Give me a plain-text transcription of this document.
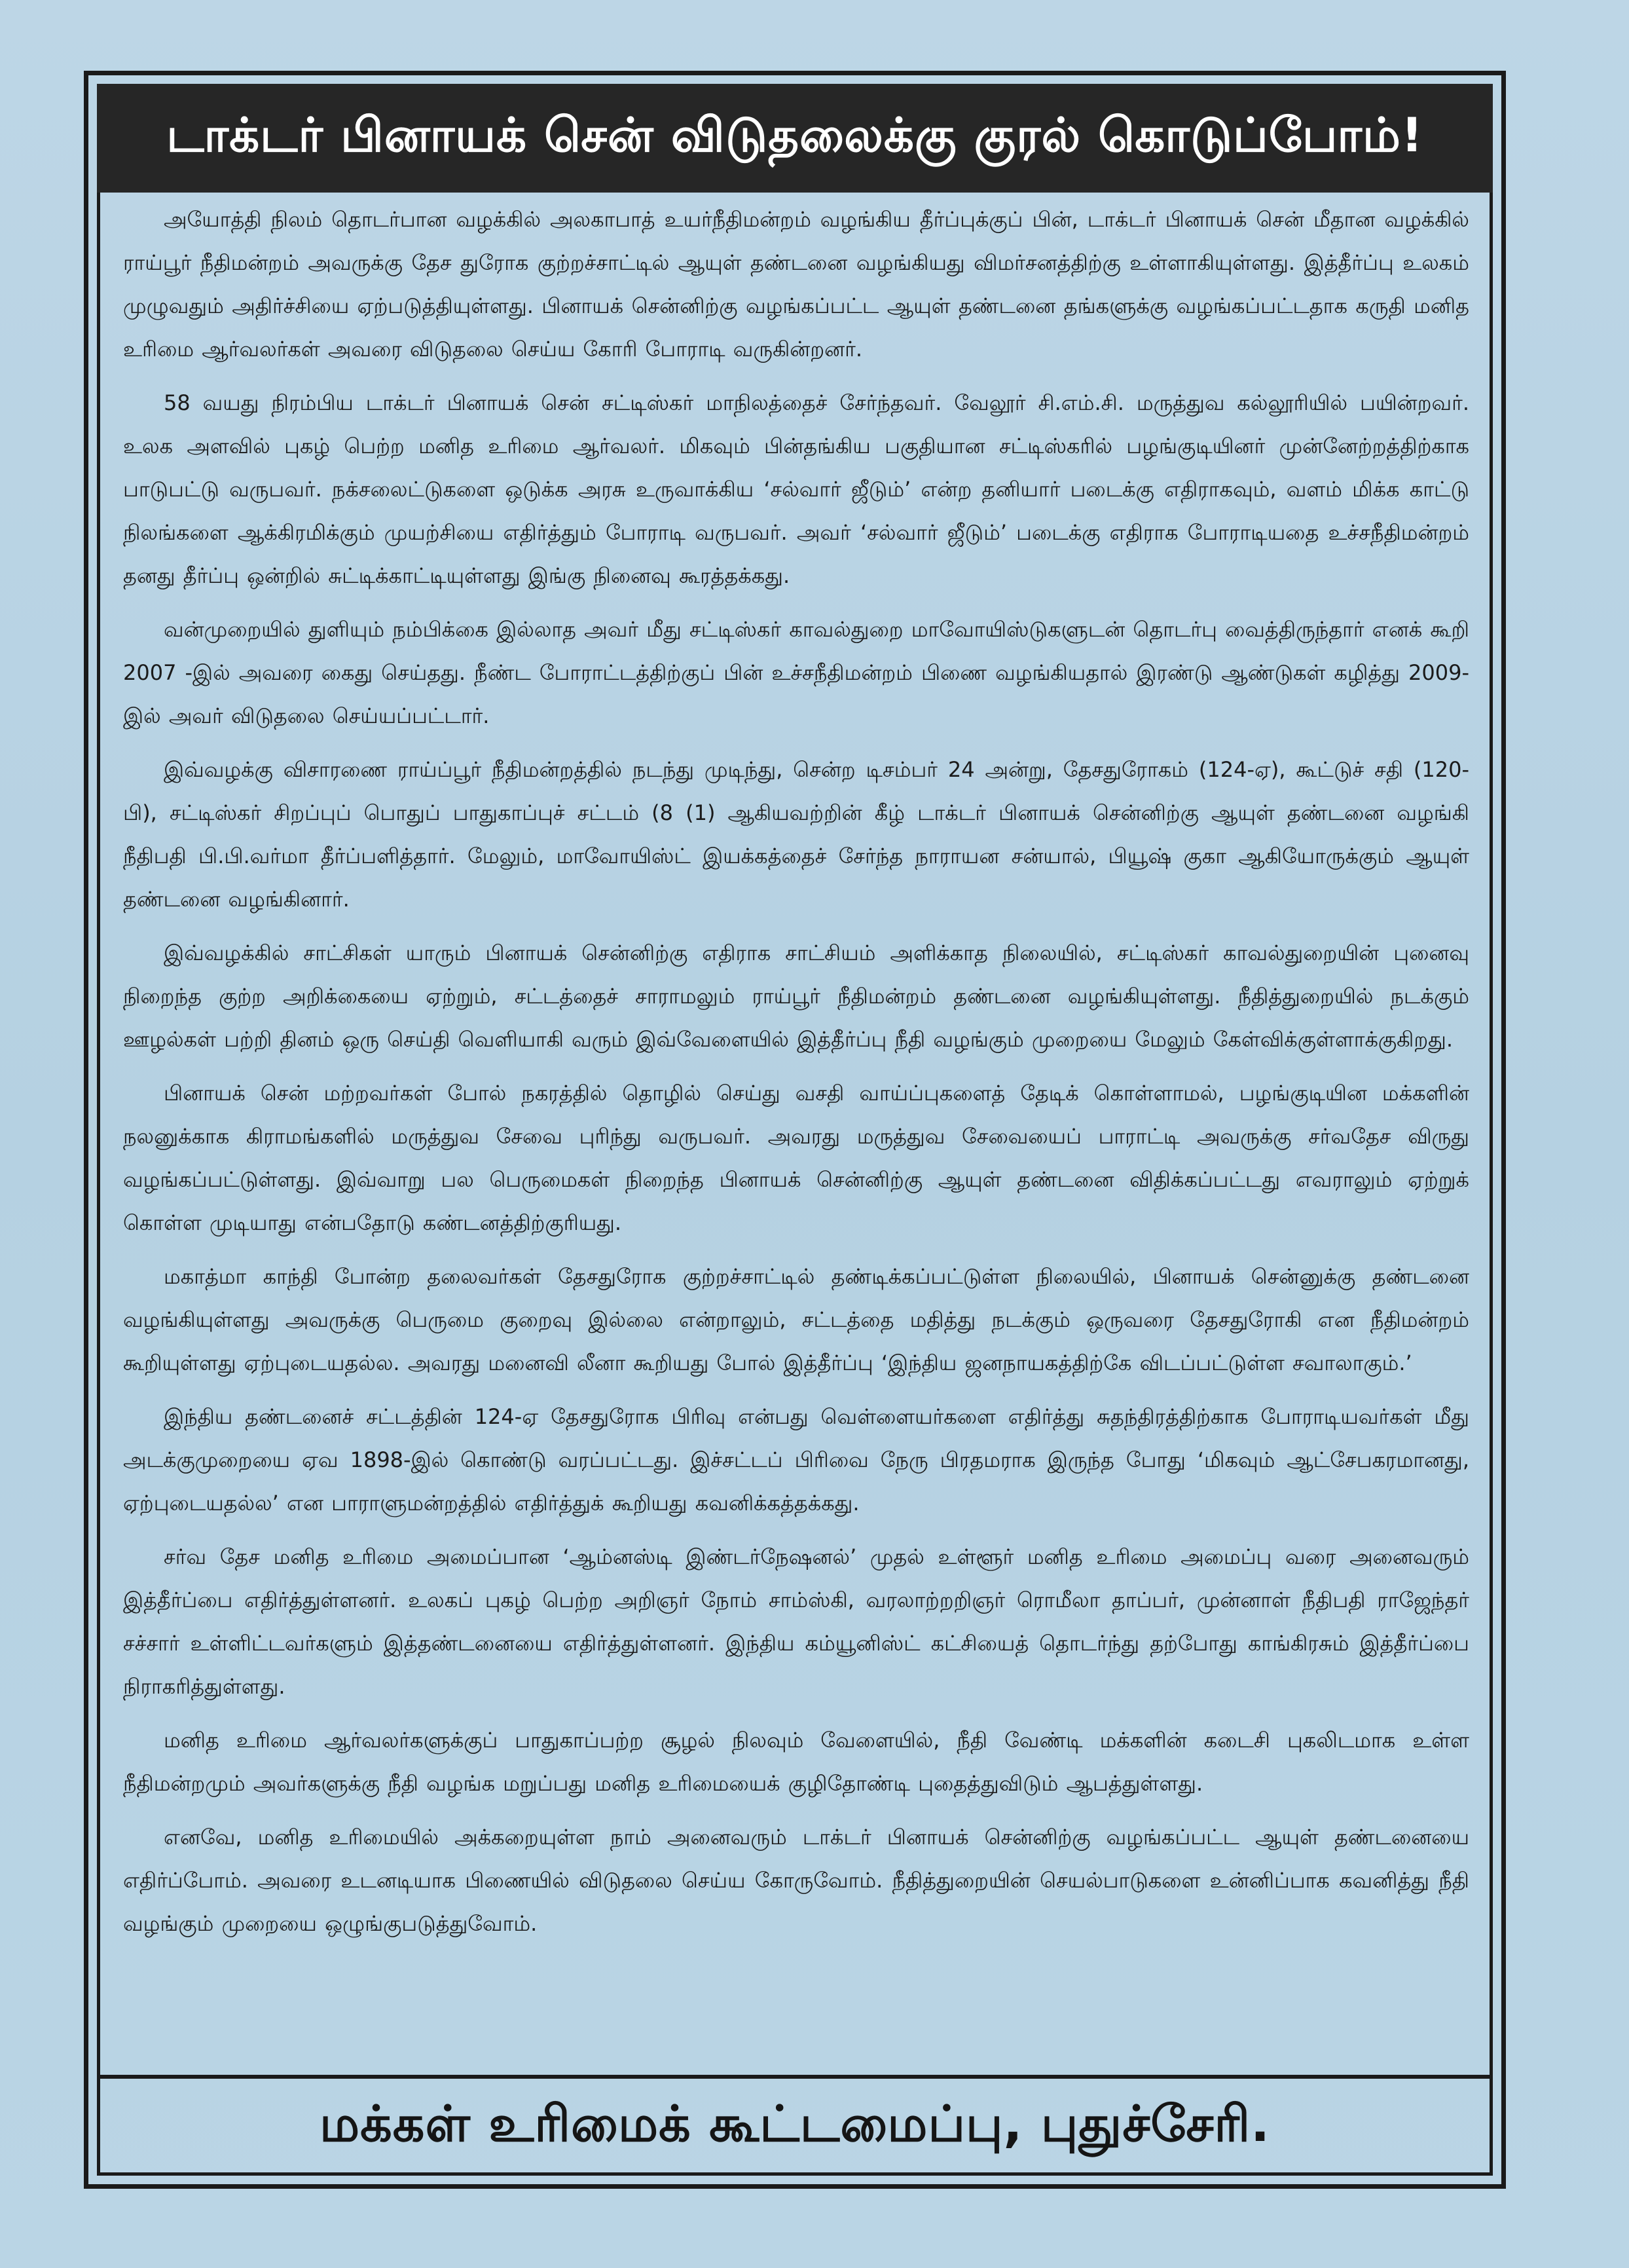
டாக்டர் பினாயக் சென் விடுதலைக்கு குரல் கொடுப்போம்!

அயோத்தி நிலம் தொடர்பான வழக்கில் அலகாபாத் உயர்நீதிமன்றம் வழங்கிய தீர்ப்புக்குப் பின், டாக்டர் பினாயக் சென் மீதான வழக்கில் ராய்பூர் நீதிமன்றம் அவருக்கு தேச துரோக குற்றச்சாட்டில் ஆயுள் தண்டனை வழங்கியது விமர்சனத்திற்கு உள்ளாகியுள்ளது. இத்தீர்ப்பு உலகம் முழுவதும் அதிர்ச்சியை ஏற்படுத்தியுள்ளது. பினாயக் சென்னிற்கு வழங்கப்பட்ட ஆயுள் தண்டனை தங்களுக்கு வழங்கப்பட்டதாக கருதி மனித உரிமை ஆர்வலர்கள் அவரை விடுதலை செய்ய கோரி போராடி வருகின்றனர்.

58 வயது நிரம்பிய டாக்டர் பினாயக் சென் சட்டிஸ்கர் மாநிலத்தைச் சேர்ந்தவர். வேலூர் சி.எம்.சி. மருத்துவ கல்லூரியில் பயின்றவர். உலக அளவில் புகழ் பெற்ற மனித உரிமை ஆர்வலர். மிகவும் பின்தங்கிய பகுதியான சட்டிஸ்கரில் பழங்குடியினர் முன்னேற்றத்திற்காக பாடுபட்டு வருபவர். நக்சலைட்டுகளை ஒடுக்க அரசு உருவாக்கிய ‘சல்வார் ஜீடும்’ என்ற தனியார் படைக்கு எதிராகவும், வளம் மிக்க காட்டு நிலங்களை ஆக்கிரமிக்கும் முயற்சியை எதிர்த்தும் போராடி வருபவர். அவர் ‘சல்வார் ஜீடும்’ படைக்கு எதிராக போராடியதை உச்சநீதிமன்றம் தனது தீர்ப்பு ஒன்றில் சுட்டிக்காட்டியுள்ளது இங்கு நினைவு கூரத்தக்கது.

வன்முறையில் துளியும் நம்பிக்கை இல்லாத அவர் மீது சட்டிஸ்கர் காவல்துறை மாவோயிஸ்டுகளுடன் தொடர்பு வைத்திருந்தார் எனக் கூறி 2007 -இல் அவரை கைது செய்தது. நீண்ட போராட்டத்திற்குப் பின் உச்சநீதிமன்றம் பிணை வழங்கியதால் இரண்டு ஆண்டுகள் கழித்து 2009-இல் அவர் விடுதலை செய்யப்பட்டார்.

இவ்வழக்கு விசாரணை ராய்ப்பூர் நீதிமன்றத்தில் நடந்து முடிந்து, சென்ற டிசம்பர் 24 அன்று, தேசதுரோகம் (124-ஏ), கூட்டுச் சதி (120-பி), சட்டிஸ்கர் சிறப்புப் பொதுப் பாதுகாப்புச் சட்டம் (8 (1) ஆகியவற்றின் கீழ் டாக்டர் பினாயக் சென்னிற்கு ஆயுள் தண்டனை வழங்கி நீதிபதி பி.பி.வர்மா தீர்ப்பளித்தார். மேலும், மாவோயிஸ்ட் இயக்கத்தைச் சேர்ந்த நாராயன சன்யால், பியூஷ் குகா ஆகியோருக்கும் ஆயுள் தண்டனை வழங்கினார்.

இவ்வழக்கில் சாட்சிகள் யாரும் பினாயக் சென்னிற்கு எதிராக சாட்சியம் அளிக்காத நிலையில், சட்டிஸ்கர் காவல்துறையின் புனைவு நிறைந்த குற்ற அறிக்கையை ஏற்றும், சட்டத்தைச் சாராமலும் ராய்பூர் நீதிமன்றம் தண்டனை வழங்கியுள்ளது. நீதித்துறையில் நடக்கும் ஊழல்கள் பற்றி தினம் ஒரு செய்தி வெளியாகி வரும் இவ்வேளையில் இத்தீர்ப்பு நீதி வழங்கும் முறையை மேலும் கேள்விக்குள்ளாக்குகிறது.

பினாயக் சென் மற்றவர்கள் போல் நகரத்தில் தொழில் செய்து வசதி வாய்ப்புகளைத் தேடிக் கொள்ளாமல், பழங்குடியின மக்களின் நலனுக்காக கிராமங்களில் மருத்துவ சேவை புரிந்து வருபவர். அவரது மருத்துவ சேவையைப் பாராட்டி அவருக்கு சர்வதேச விருது வழங்கப்பட்டுள்ளது. இவ்வாறு பல பெருமைகள் நிறைந்த பினாயக் சென்னிற்கு ஆயுள் தண்டனை விதிக்கப்பட்டது எவராலும் ஏற்றுக் கொள்ள முடியாது என்பதோடு கண்டனத்திற்குரியது.

மகாத்மா காந்தி போன்ற தலைவர்கள் தேசதுரோக குற்றச்சாட்டில் தண்டிக்கப்பட்டுள்ள நிலையில், பினாயக் சென்னுக்கு தண்டனை வழங்கியுள்ளது அவருக்கு பெருமை குறைவு இல்லை என்றாலும், சட்டத்தை மதித்து நடக்கும் ஒருவரை தேசதுரோகி என நீதிமன்றம் கூறியுள்ளது ஏற்புடையதல்ல. அவரது மனைவி லீனா கூறியது போல் இத்தீர்ப்பு ‘இந்திய ஜனநாயகத்திற்கே விடப்பட்டுள்ள சவாலாகும்.’

இந்திய தண்டனைச் சட்டத்தின் 124-ஏ தேசதுரோக பிரிவு என்பது வெள்ளையர்களை எதிர்த்து சுதந்திரத்திற்காக போராடியவர்கள் மீது அடக்குமுறையை ஏவ 1898-இல் கொண்டு வரப்பட்டது. இச்சட்டப் பிரிவை நேரு பிரதமராக இருந்த போது ‘மிகவும் ஆட்சேபகரமானது, ஏற்புடையதல்ல’ என பாராளுமன்றத்தில் எதிர்த்துக் கூறியது கவனிக்கத்தக்கது.

சர்வ தேச மனித உரிமை அமைப்பான ‘ஆம்னஸ்டி இண்டர்நேஷனல்’ முதல் உள்ளூர் மனித உரிமை அமைப்பு வரை அனைவரும் இத்தீர்ப்பை எதிர்த்துள்ளனர். உலகப் புகழ் பெற்ற அறிஞர் நோம் சாம்ஸ்கி, வரலாற்றறிஞர் ரொமீலா தாப்பர், முன்னாள் நீதிபதி ராஜேந்தர் சச்சார் உள்ளிட்டவர்களும் இத்தண்டனையை எதிர்த்துள்ளனர். இந்திய கம்யூனிஸ்ட் கட்சியைத் தொடர்ந்து தற்போது காங்கிரசும் இத்தீர்ப்பை நிராகரித்துள்ளது.

மனித உரிமை ஆர்வலர்களுக்குப் பாதுகாப்பற்ற சூழல் நிலவும் வேளையில், நீதி வேண்டி மக்களின் கடைசி புகலிடமாக உள்ள நீதிமன்றமும் அவர்களுக்கு நீதி வழங்க மறுப்பது மனித உரிமையைக் குழிதோண்டி புதைத்துவிடும் ஆபத்துள்ளது.

எனவே, மனித உரிமையில் அக்கறையுள்ள நாம் அனைவரும் டாக்டர் பினாயக் சென்னிற்கு வழங்கப்பட்ட ஆயுள் தண்டனையை எதிர்ப்போம். அவரை உடனடியாக பிணையில் விடுதலை செய்ய கோருவோம். நீதித்துறையின் செயல்பாடுகளை உன்னிப்பாக கவனித்து நீதி வழங்கும் முறையை ஒழுங்குபடுத்துவோம்.

மக்கள் உரிமைக் கூட்டமைப்பு, புதுச்சேரி.
